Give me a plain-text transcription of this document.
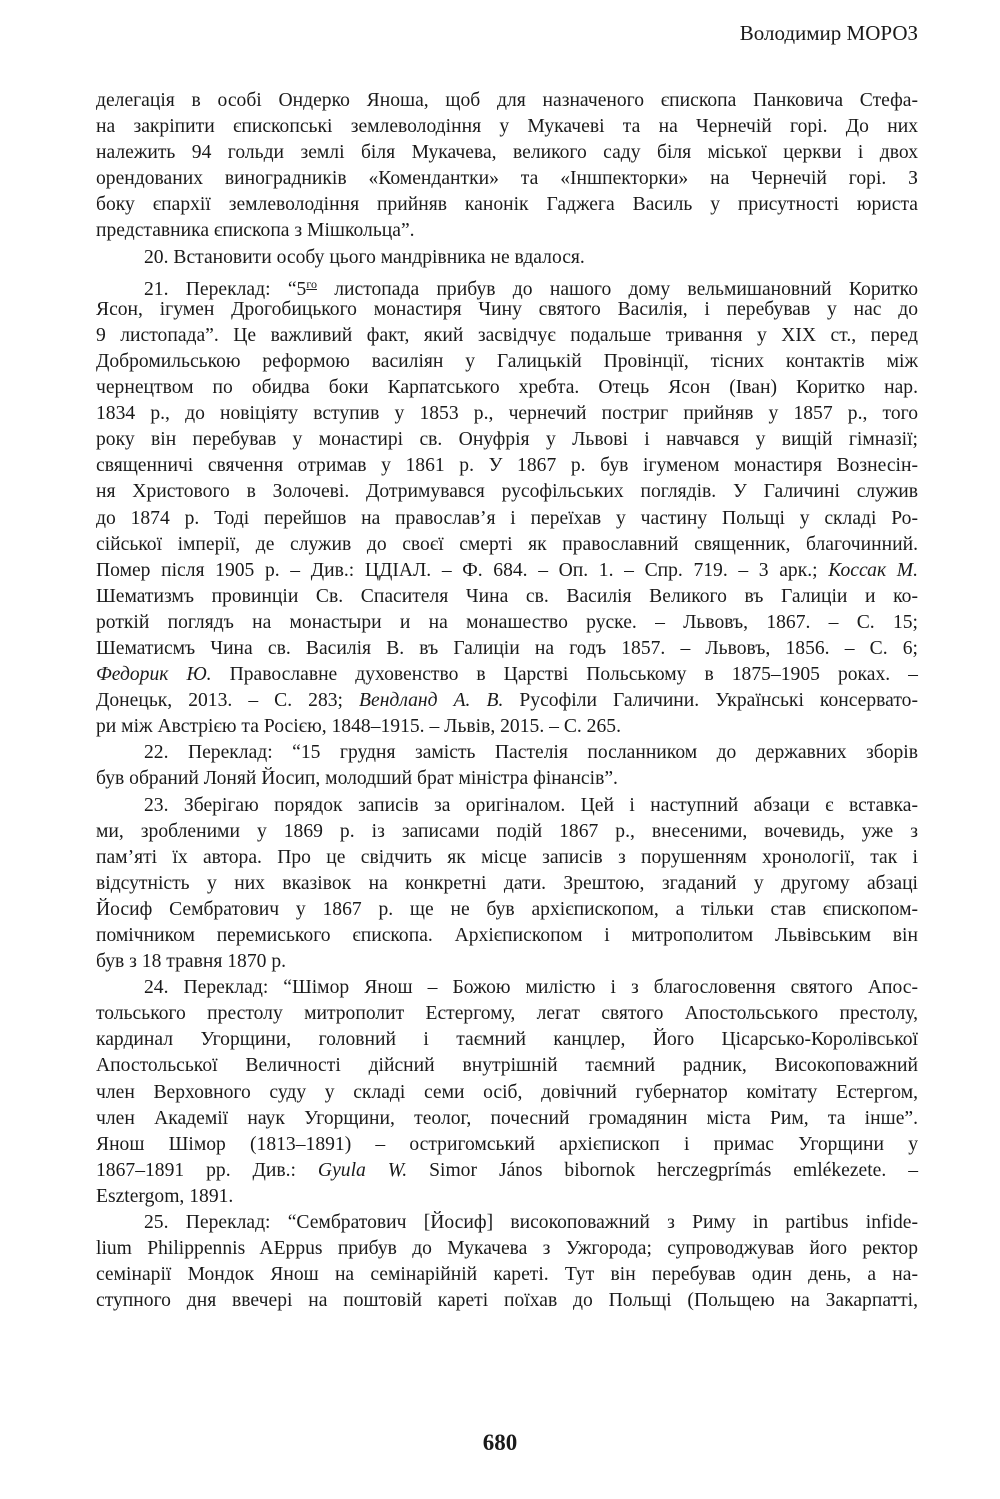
Володимир МОРОЗ
делегація в особі Ондерко Яноша, щоб для назначеного єпископа Панковича Стефа-
на закріпити єпископські землеволодіння у Мукачеві та на Чернечій горі. До них
належить 94 гольди землі біля Мукачева, великого саду біля міської церкви і двох
орендованих виноградників «Комендантки» та «Іншпекторки» на Чернечій горі. З
боку єпархії землеволодіння прийняв канонік Гаджега Василь у присутності юриста
представника єпископа з Мішкольца”.
20. Встановити особу цього мандрівника не вдалося.
21. Переклад: “$5^{го}$ листопада прибув до нашого дому вельмишановний Коритко
Ясон, ігумен Дрогобицького монастиря Чину святого Василія, і перебував у нас до
9 листопада”. Це важливий факт, який засвідчує подальше тривання у ХІХ ст., перед
Добромильською реформою василіян у Галицькій Провінції, тісних контактів між
чернецтвом по обидва боки Карпатського хребта. Отець Ясон (Іван) Коритко нар.
1834 р., до новіціяту вступив у 1853 р., чернечий постриг прийняв у 1857 р., того
року він перебував у монастирі св. Онуфрія у Львові і навчався у вищій гімназії;
священничі свячення отримав у 1861 р. У 1867 р. був ігуменом монастиря Вознесін-
ня Христового в Золочеві. Дотримувався русофільських поглядів. У Галичині служив
до 1874 р. Тоді перейшов на православ’я і переїхав у частину Польщі у складі Ро-
сійської імперії, де служив до своєї смерті як православний священник, благочинний.
Помер після 1905 р. – Див.: ЦДІАЛ. – Ф. 684. – Оп. 1. – Спр. 719. – 3 арк.; Коссак М.
Шематизмъ провинціи Св. Спасителя Чина св. Василія Великого въ Галиціи и ко-
роткій поглядъ на монастыри и на монашество руске. – Львовъ, 1867. – С. 15;
Шематисмъ Чина св. Василія В. въ Галиціи на годъ 1857. – Львовъ, 1856. – С. 6;
Федорик Ю. Православне духовенство в Царстві Польському в 1875–1905 роках. –
Донецьк, 2013. – С. 283; Вендланд А. В. Русофіли Галичини. Українські консервато-
ри між Австрією та Росією, 1848–1915. – Львів, 2015. – С. 265.
22. Переклад: “15 грудня замість Пастелія посланником до державних зборів
був обраний Лоняй Йосип, молодший брат міністра фінансів”.
23. Зберігаю порядок записів за оригіналом. Цей і наступний абзаци є вставка-
ми, зробленими у 1869 р. із записами подій 1867 р., внесеними, вочевидь, уже з
пам’яті їх автора. Про це свідчить як місце записів з порушенням хронології, так і
відсутність у них вказівок на конкретні дати. Зрештою, згаданий у другому абзаці
Йосиф Сембратович у 1867 р. ще не був архієпископом, а тільки став єпископом-
помічником перемиського єпископа. Архієпископом і митрополитом Львівським він
був з 18 травня 1870 р.
24. Переклад: “Шімор Янош – Божою милістю і з благословення святого Апос-
тольського престолу митрополит Естергому, легат святого Апостольського престолу,
кардинал Угорщини, головний і таємний канцлер, Його Цісарсько-Королівської
Апостольської Величності дійсний внутрішній таємний радник, Високоповажний
член Верховного суду у складі семи осіб, довічний губернатор комітату Естергом,
член Академії наук Угорщини, теолог, почесний громадянин міста Рим, та інше”.
Янош Шімор (1813–1891) – остригомський архієпископ і примас Угорщини у
1867–1891 рр. Див.: Gyula W. Simor János bibornok herczegprímás emlékezete. –
Esztergom, 1891.
25. Переклад: “Сембратович [Йосиф] високоповажний з Риму in partibus infide-
lium Philippennis AEppus прибув до Мукачева з Ужгорода; супроводжував його ректор
семінарії Мондок Янош на семінарійній кареті. Тут він перебував один день, а на-
ступного дня ввечері на поштовій кареті поїхав до Польщі (Польщею на Закарпатті,
680
